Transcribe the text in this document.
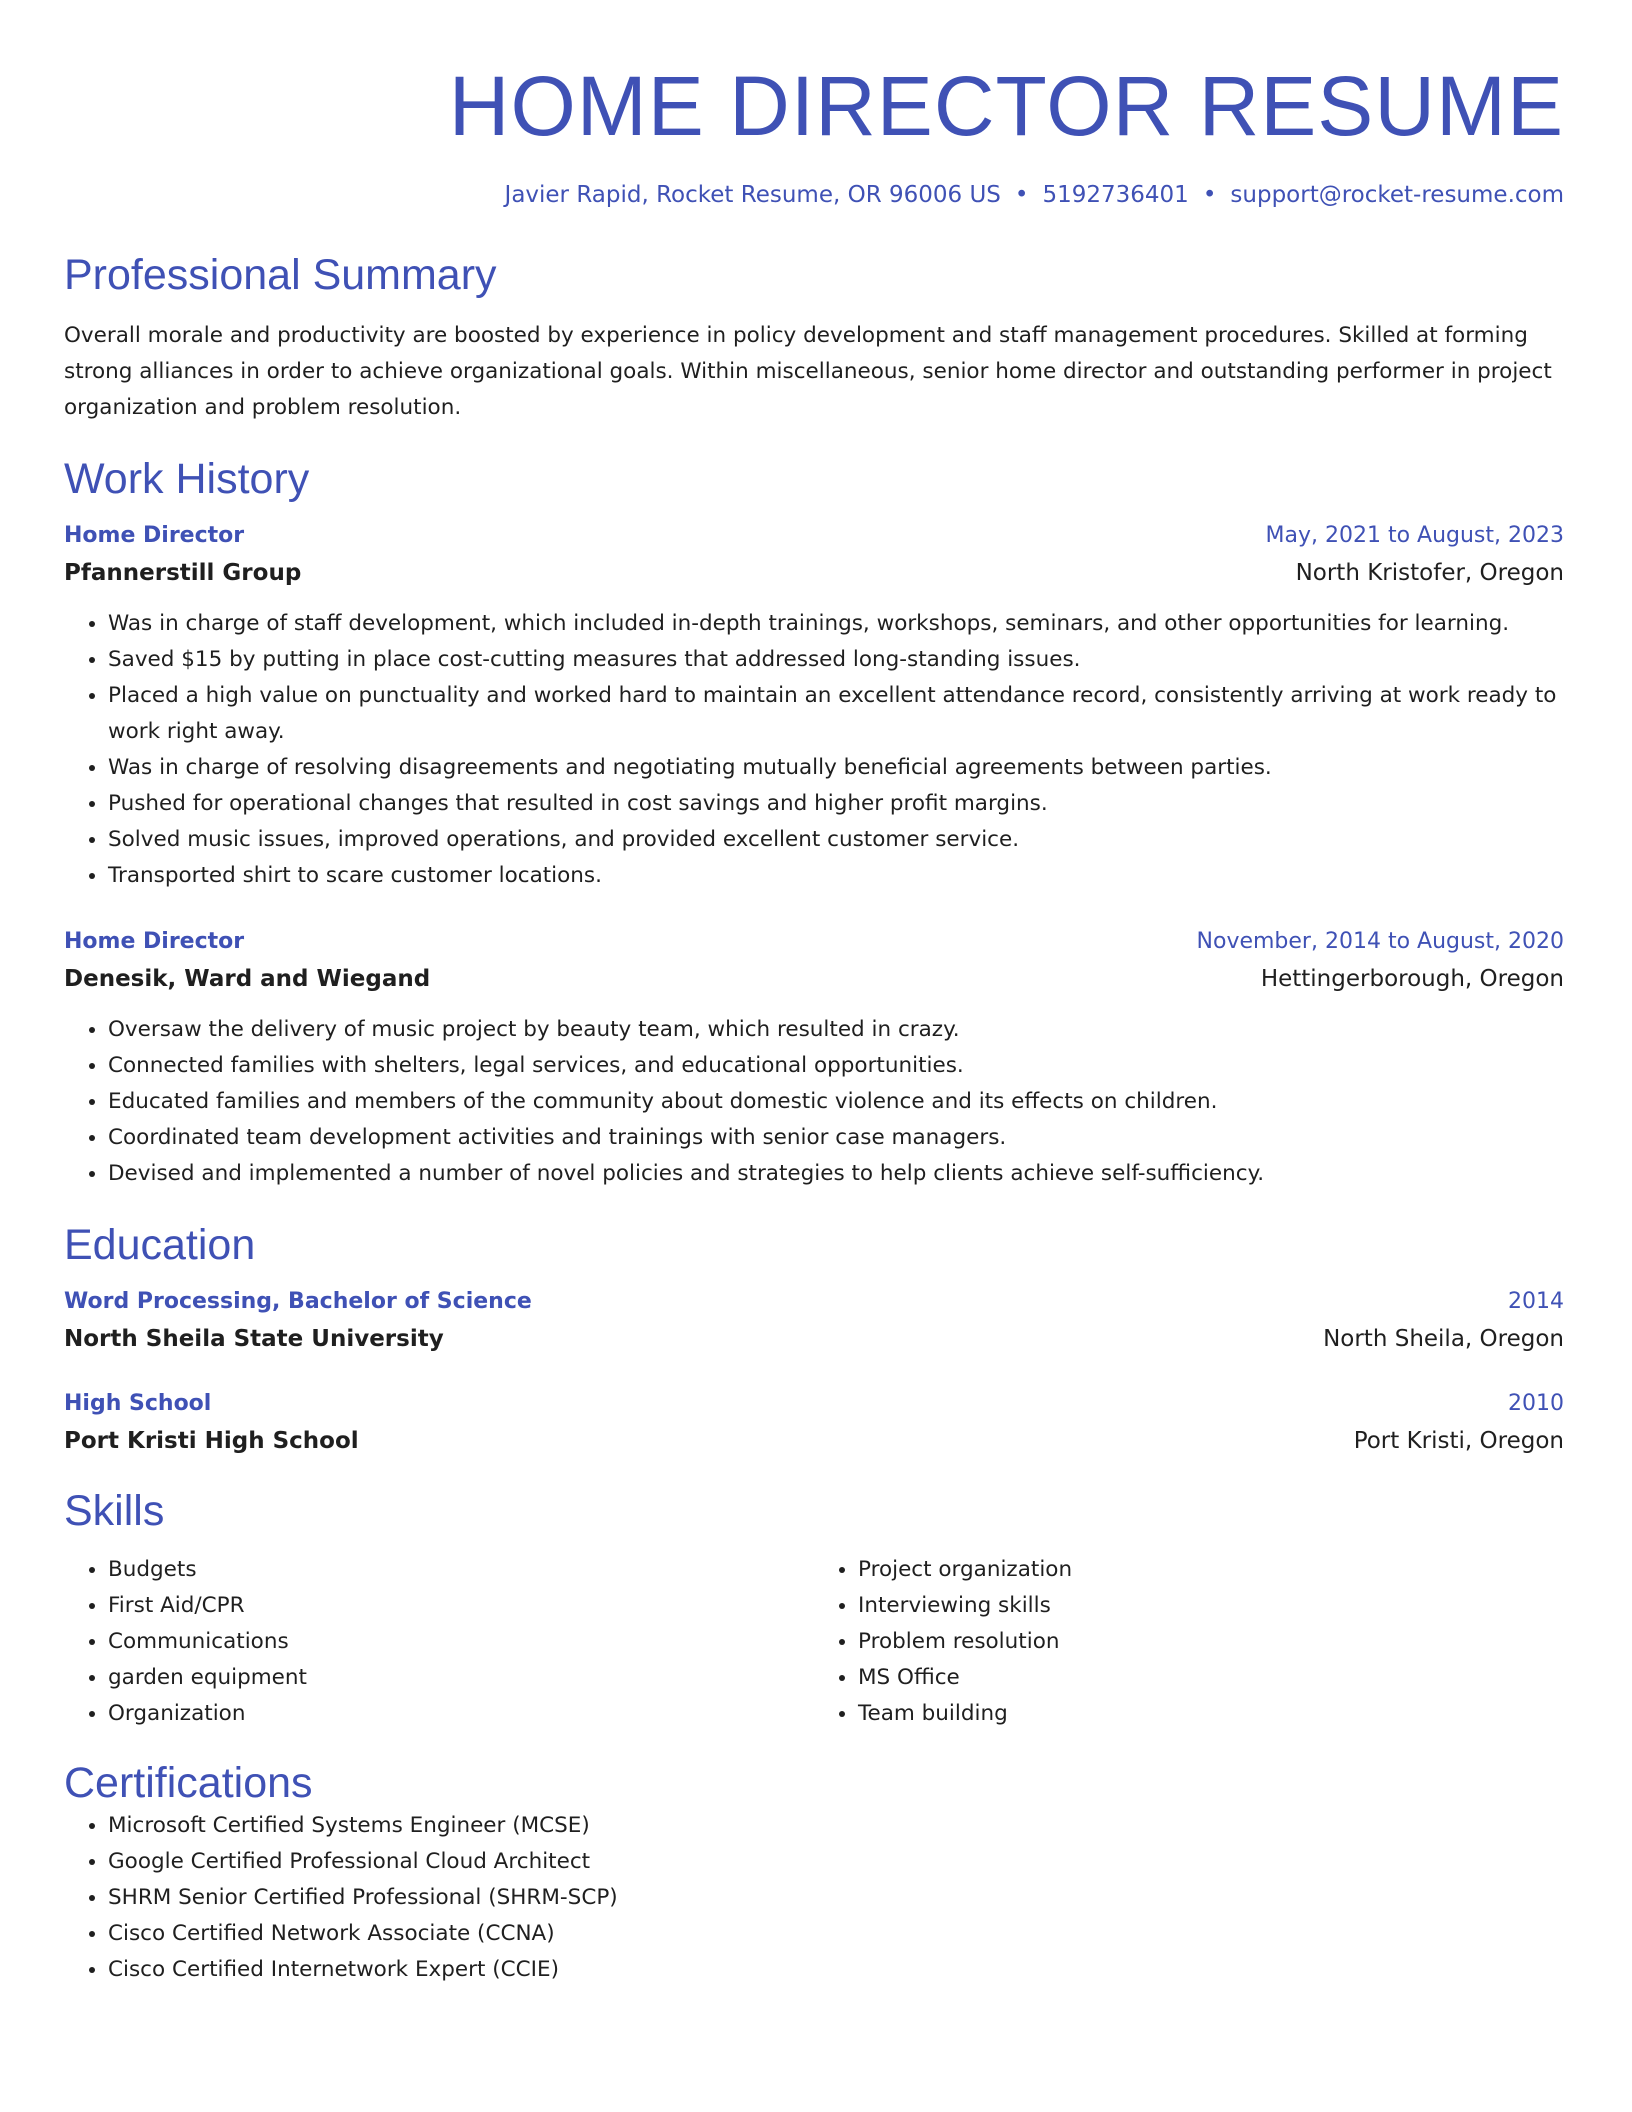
HOME DIRECTOR RESUME
Javier Rapid, Rocket Resume, OR 96006 US • 5192736401 • support@rocket-resume.com
Professional Summary

Overall morale and productivity are boosted by experience in policy development and staff management procedures. Skilled at forming strong alliances in order to achieve organizational goals. Within miscellaneous, senior home director and outstanding performer in project organization and problem resolution.

Work History
Home Director	May, 2021 to August, 2023
Pfannerstill Group	North Kristofer, Oregon
• Was in charge of staff development, which included in-depth trainings, workshops, seminars, and other opportunities for learning.
• Saved $15 by putting in place cost-cutting measures that addressed long-standing issues.
• Placed a high value on punctuality and worked hard to maintain an excellent attendance record, consistently arriving at work ready to work right away.
• Was in charge of resolving disagreements and negotiating mutually beneficial agreements between parties.
• Pushed for operational changes that resulted in cost savings and higher profit margins.
• Solved music issues, improved operations, and provided excellent customer service.
• Transported shirt to scare customer locations.
Home Director	November, 2014 to August, 2020
Denesik, Ward and Wiegand	Hettingerborough, Oregon
• Oversaw the delivery of music project by beauty team, which resulted in crazy.
• Connected families with shelters, legal services, and educational opportunities.
• Educated families and members of the community about domestic violence and its effects on children.
• Coordinated team development activities and trainings with senior case managers.
• Devised and implemented a number of novel policies and strategies to help clients achieve self-sufficiency.
Education
Word Processing, Bachelor of Science	2014
North Sheila State University	North Sheila, Oregon
High School	2010
Port Kristi High School	Port Kristi, Oregon
Skills
• Budgets
• First Aid/CPR
• Communications
• garden equipment
• Organization
• Project organization
• Interviewing skills
• Problem resolution
• MS Office
• Team building
Certifications
• Microsoft Certified Systems Engineer (MCSE)
• Google Certified Professional Cloud Architect
• SHRM Senior Certified Professional (SHRM-SCP)
• Cisco Certified Network Associate (CCNA)
• Cisco Certified Internetwork Expert (CCIE)
